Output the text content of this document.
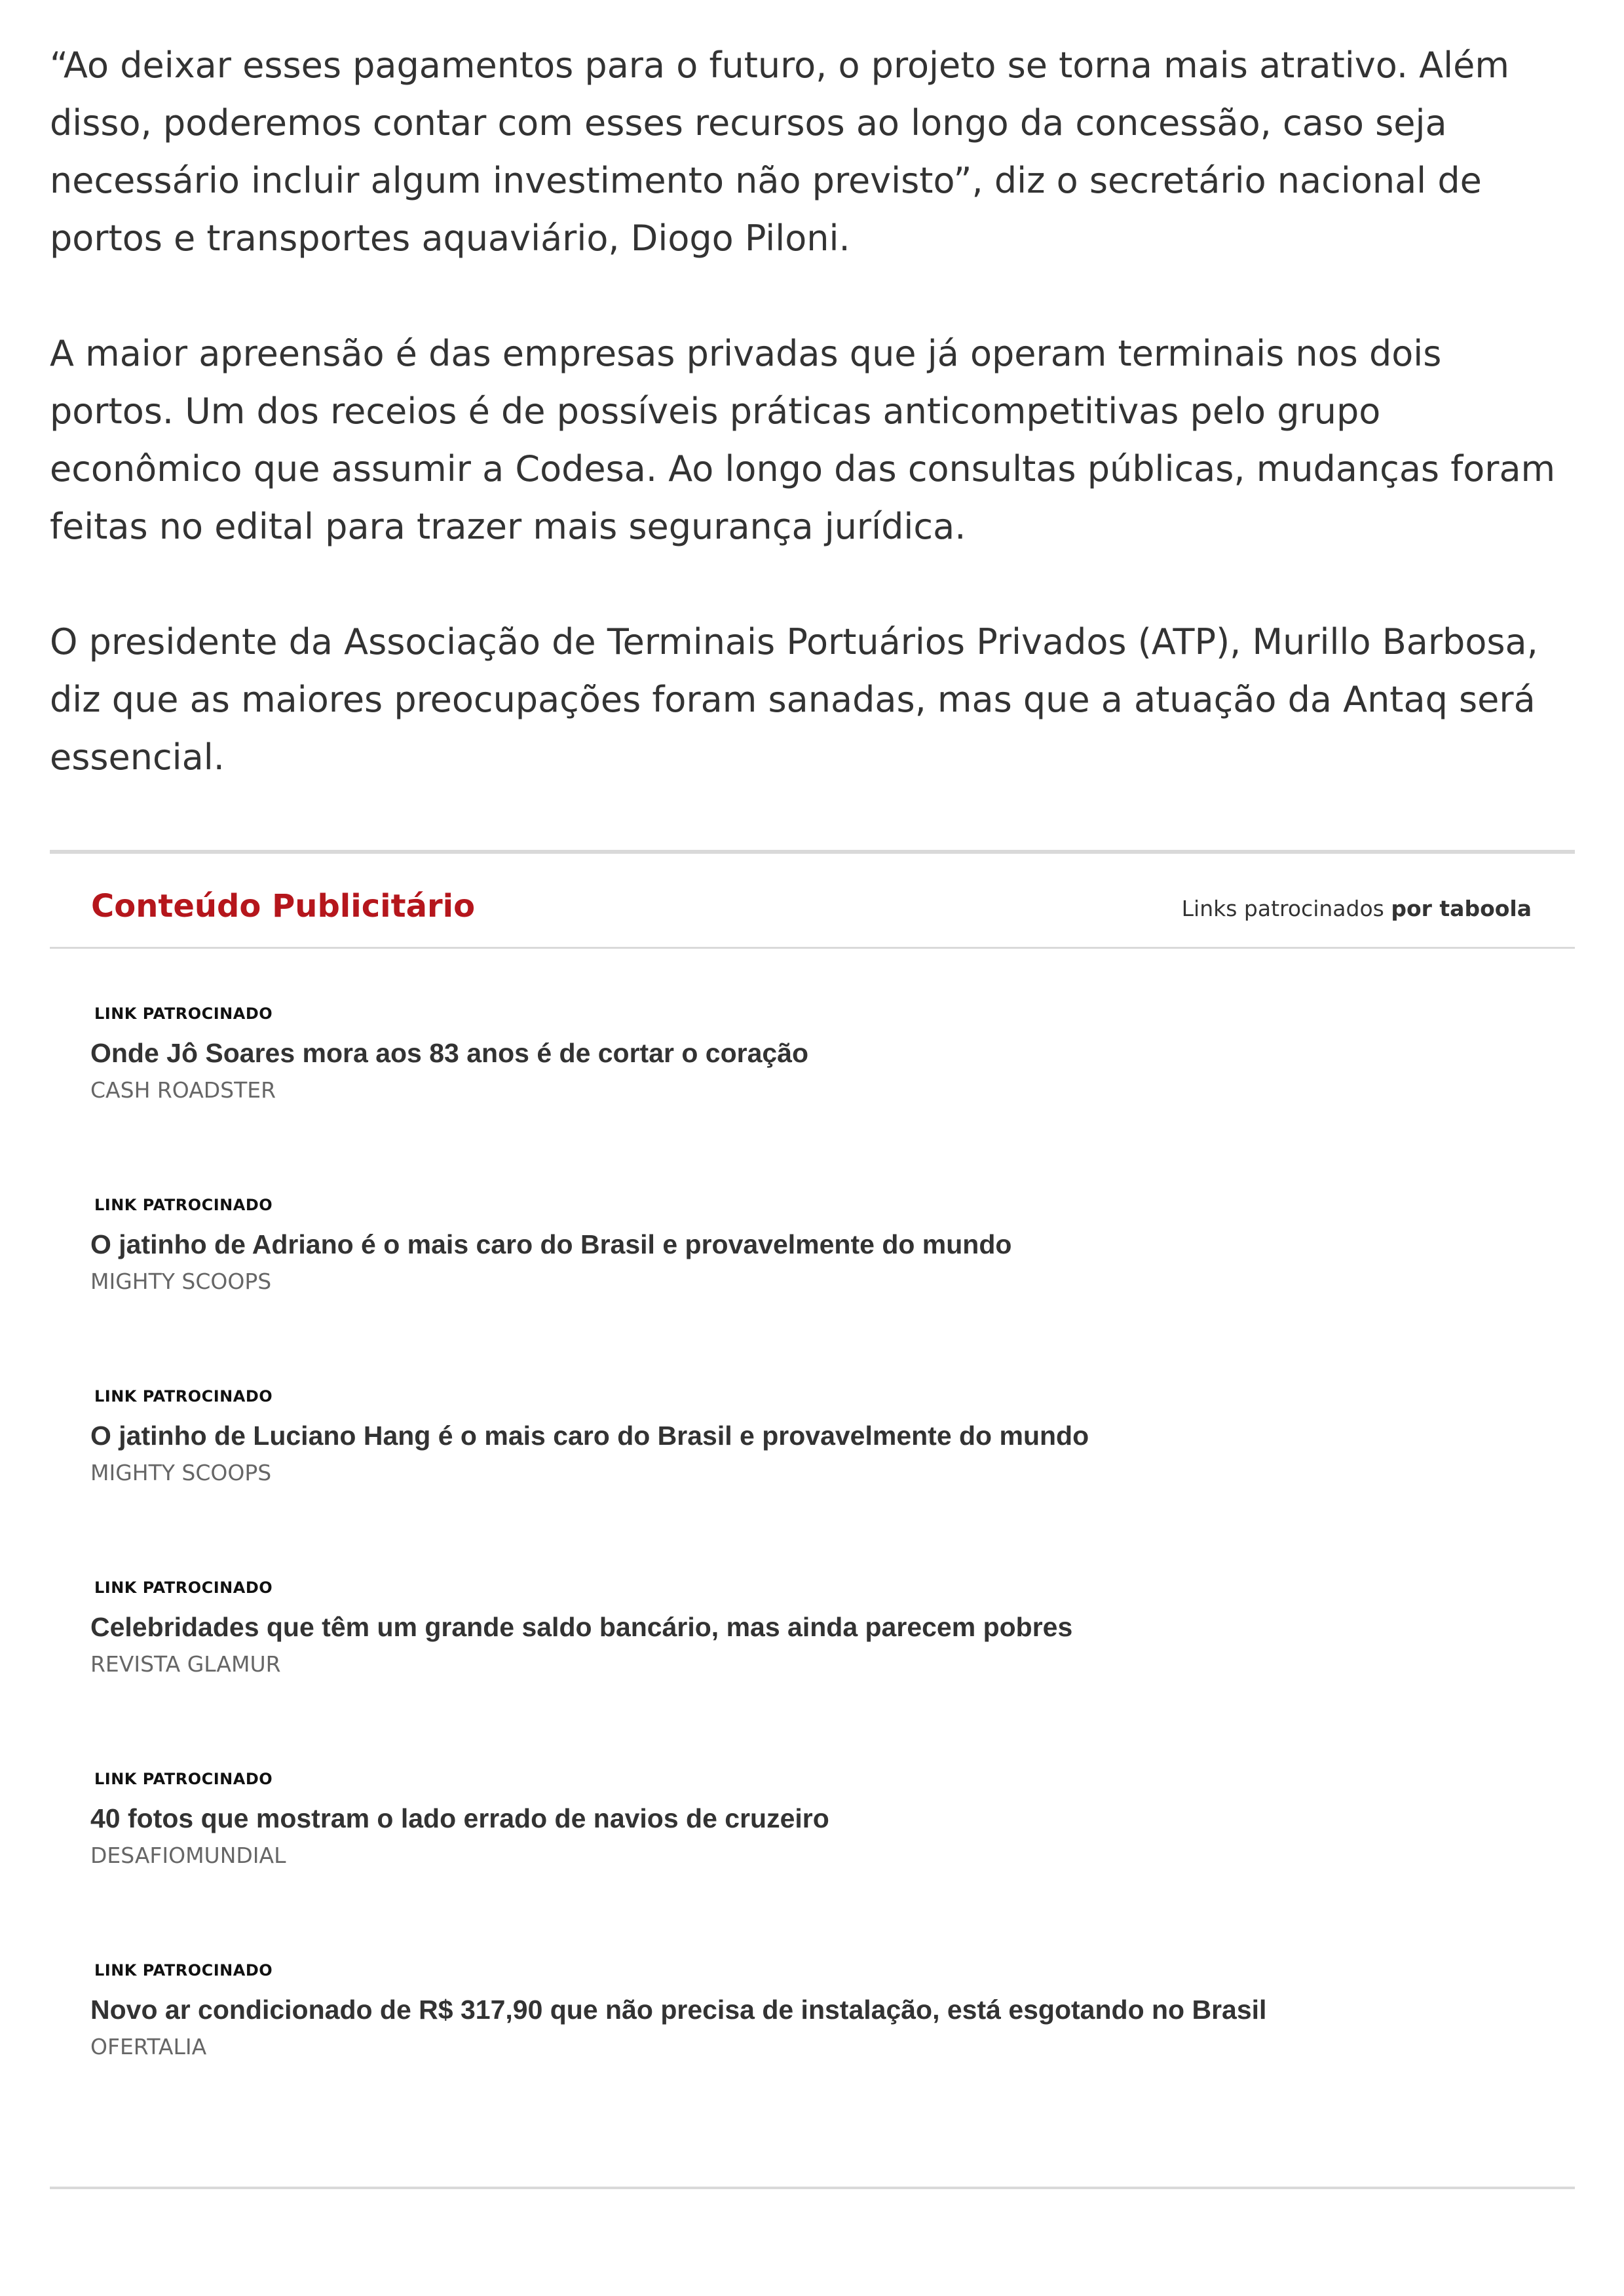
“Ao deixar esses pagamentos para o futuro, o projeto se torna mais atrativo. Além disso, poderemos contar com esses recursos ao longo da concessão, caso seja necessário incluir algum investimento não previsto”, diz o secretário nacional de portos e transportes aquaviário, Diogo Piloni.

A maior apreensão é das empresas privadas que já operam terminais nos dois portos. Um dos receios é de possíveis práticas anticompetitivas pelo grupo econômico que assumir a Codesa. Ao longo das consultas públicas, mudanças foram feitas no edital para trazer mais segurança jurídica.

O presidente da Associação de Terminais Portuários Privados (ATP), Murillo Barbosa, diz que as maiores preocupações foram sanadas, mas que a atuação da Antaq será essencial.

Conteúdo Publicitário	Links patrocinados por taboola
LINK PATROCINADO
Onde Jô Soares mora aos 83 anos é de cortar o coração
CASH ROADSTER
LINK PATROCINADO
O jatinho de Adriano é o mais caro do Brasil e provavelmente do mundo
MIGHTY SCOOPS
LINK PATROCINADO
O jatinho de Luciano Hang é o mais caro do Brasil e provavelmente do mundo
MIGHTY SCOOPS
LINK PATROCINADO
Celebridades que têm um grande saldo bancário, mas ainda parecem pobres
REVISTA GLAMUR
LINK PATROCINADO
40 fotos que mostram o lado errado de navios de cruzeiro
DESAFIOMUNDIAL
LINK PATROCINADO
Novo ar condicionado de R$ 317,90 que não precisa de instalação, está esgotando no Brasil
OFERTALIA
